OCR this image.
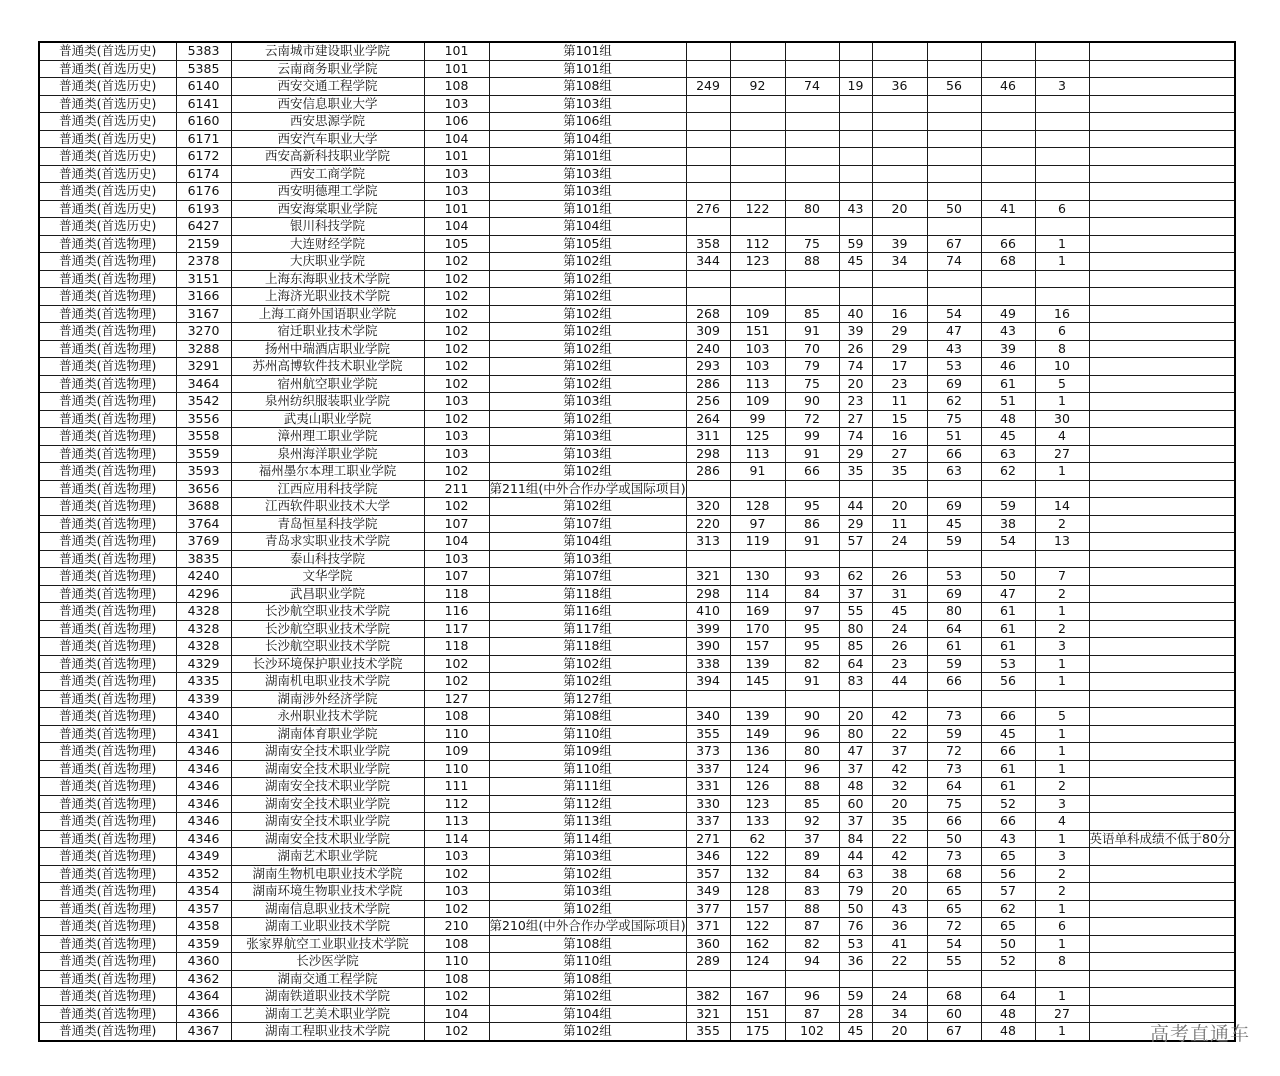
普通类(首选历史)	5383	云南城市建设职业学院	101	第101组									
普通类(首选历史)	5385	云南商务职业学院	101	第101组									
普通类(首选历史)	6140	西安交通工程学院	108	第108组	249	92	74	19	36	56	46	3	
普通类(首选历史)	6141	西安信息职业大学	103	第103组									
普通类(首选历史)	6160	西安思源学院	106	第106组									
普通类(首选历史)	6171	西安汽车职业大学	104	第104组									
普通类(首选历史)	6172	西安高新科技职业学院	101	第101组									
普通类(首选历史)	6174	西安工商学院	103	第103组									
普通类(首选历史)	6176	西安明德理工学院	103	第103组									
普通类(首选历史)	6193	西安海棠职业学院	101	第101组	276	122	80	43	20	50	41	6	
普通类(首选历史)	6427	银川科技学院	104	第104组									
普通类(首选物理)	2159	大连财经学院	105	第105组	358	112	75	59	39	67	66	1	
普通类(首选物理)	2378	大庆职业学院	102	第102组	344	123	88	45	34	74	68	1	
普通类(首选物理)	3151	上海东海职业技术学院	102	第102组									
普通类(首选物理)	3166	上海济光职业技术学院	102	第102组									
普通类(首选物理)	3167	上海工商外国语职业学院	102	第102组	268	109	85	40	16	54	49	16	
普通类(首选物理)	3270	宿迁职业技术学院	102	第102组	309	151	91	39	29	47	43	6	
普通类(首选物理)	3288	扬州中瑞酒店职业学院	102	第102组	240	103	70	26	29	43	39	8	
普通类(首选物理)	3291	苏州高博软件技术职业学院	102	第102组	293	103	79	74	17	53	46	10	
普通类(首选物理)	3464	宿州航空职业学院	102	第102组	286	113	75	20	23	69	61	5	
普通类(首选物理)	3542	泉州纺织服装职业学院	103	第103组	256	109	90	23	11	62	51	1	
普通类(首选物理)	3556	武夷山职业学院	102	第102组	264	99	72	27	15	75	48	30	
普通类(首选物理)	3558	漳州理工职业学院	103	第103组	311	125	99	74	16	51	45	4	
普通类(首选物理)	3559	泉州海洋职业学院	103	第103组	298	113	91	29	27	66	63	27	
普通类(首选物理)	3593	福州墨尔本理工职业学院	102	第102组	286	91	66	35	35	63	62	1	
普通类(首选物理)	3656	江西应用科技学院	211	第211组(中外合作办学或国际项目)									
普通类(首选物理)	3688	江西软件职业技术大学	102	第102组	320	128	95	44	20	69	59	14	
普通类(首选物理)	3764	青岛恒星科技学院	107	第107组	220	97	86	29	11	45	38	2	
普通类(首选物理)	3769	青岛求实职业技术学院	104	第104组	313	119	91	57	24	59	54	13	
普通类(首选物理)	3835	泰山科技学院	103	第103组									
普通类(首选物理)	4240	文华学院	107	第107组	321	130	93	62	26	53	50	7	
普通类(首选物理)	4296	武昌职业学院	118	第118组	298	114	84	37	31	69	47	2	
普通类(首选物理)	4328	长沙航空职业技术学院	116	第116组	410	169	97	55	45	80	61	1	
普通类(首选物理)	4328	长沙航空职业技术学院	117	第117组	399	170	95	80	24	64	61	2	
普通类(首选物理)	4328	长沙航空职业技术学院	118	第118组	390	157	95	85	26	61	61	3	
普通类(首选物理)	4329	长沙环境保护职业技术学院	102	第102组	338	139	82	64	23	59	53	1	
普通类(首选物理)	4335	湖南机电职业技术学院	102	第102组	394	145	91	83	44	66	56	1	
普通类(首选物理)	4339	湖南涉外经济学院	127	第127组									
普通类(首选物理)	4340	永州职业技术学院	108	第108组	340	139	90	20	42	73	66	5	
普通类(首选物理)	4341	湖南体育职业学院	110	第110组	355	149	96	80	22	59	45	1	
普通类(首选物理)	4346	湖南安全技术职业学院	109	第109组	373	136	80	47	37	72	66	1	
普通类(首选物理)	4346	湖南安全技术职业学院	110	第110组	337	124	96	37	42	73	61	1	
普通类(首选物理)	4346	湖南安全技术职业学院	111	第111组	331	126	88	48	32	64	61	2	
普通类(首选物理)	4346	湖南安全技术职业学院	112	第112组	330	123	85	60	20	75	52	3	
普通类(首选物理)	4346	湖南安全技术职业学院	113	第113组	337	133	92	37	35	66	66	4	
普通类(首选物理)	4346	湖南安全技术职业学院	114	第114组	271	62	37	84	22	50	43	1	英语单科成绩不低于80分
普通类(首选物理)	4349	湖南艺术职业学院	103	第103组	346	122	89	44	42	73	65	3	
普通类(首选物理)	4352	湖南生物机电职业技术学院	102	第102组	357	132	84	63	38	68	56	2	
普通类(首选物理)	4354	湖南环境生物职业技术学院	103	第103组	349	128	83	79	20	65	57	2	
普通类(首选物理)	4357	湖南信息职业技术学院	102	第102组	377	157	88	50	43	65	62	1	
普通类(首选物理)	4358	湖南工业职业技术学院	210	第210组(中外合作办学或国际项目)	371	122	87	76	36	72	65	6	
普通类(首选物理)	4359	张家界航空工业职业技术学院	108	第108组	360	162	82	53	41	54	50	1	
普通类(首选物理)	4360	长沙医学院	110	第110组	289	124	94	36	22	55	52	8	
普通类(首选物理)	4362	湖南交通工程学院	108	第108组									
普通类(首选物理)	4364	湖南铁道职业技术学院	102	第102组	382	167	96	59	24	68	64	1	
普通类(首选物理)	4366	湖南工艺美术职业学院	104	第104组	321	151	87	28	34	60	48	27	
普通类(首选物理)	4367	湖南工程职业技术学院	102	第102组	355	175	102	45	20	67	48	1		高考直通车
